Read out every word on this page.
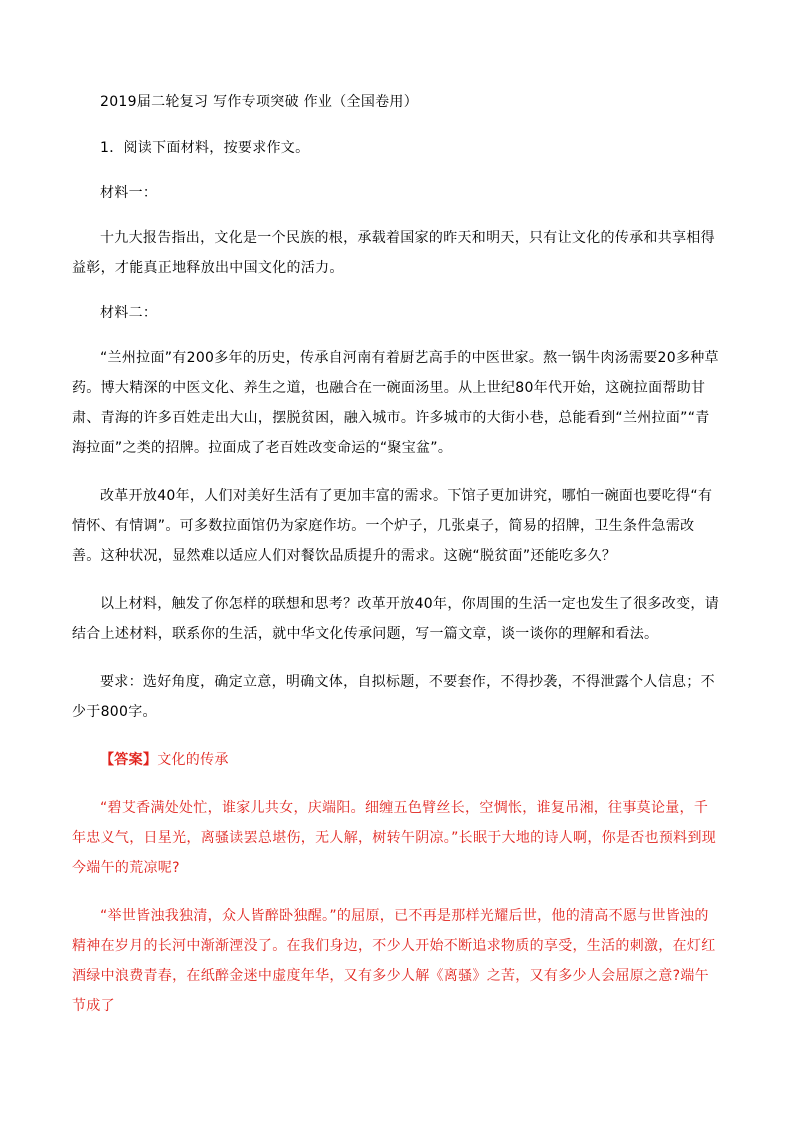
2019届二轮复习 写作专项突破 作业（全国卷用）

1．阅读下面材料，按要求作文。

材料一：

十九大报告指出，文化是一个民族的根，承载着国家的昨天和明天，只有让文化的传承和共享相得益彰，才能真正地释放出中国文化的活力。

材料二：

“兰州拉面”有200多年的历史，传承自河南有着厨艺高手的中医世家。熬一锅牛肉汤需要20多种草药。博大精深的中医文化、养生之道，也融合在一碗面汤里。从上世纪80年代开始，这碗拉面帮助甘肃、青海的许多百姓走出大山，摆脱贫困，融入城市。许多城市的大街小巷，总能看到“兰州拉面”“青海拉面”之类的招牌。拉面成了老百姓改变命运的“聚宝盆”。

改革开放40年，人们对美好生活有了更加丰富的需求。下馆子更加讲究，哪怕一碗面也要吃得“有情怀、有情调”。可多数拉面馆仍为家庭作坊。一个炉子，几张桌子，简易的招牌，卫生条件急需改善。这种状况，显然难以适应人们对餐饮品质提升的需求。这碗“脱贫面”还能吃多久？

以上材料，触发了你怎样的联想和思考？改革开放40年，你周围的生活一定也发生了很多改变，请结合上述材料，联系你的生活，就中华文化传承问题，写一篇文章，谈一谈你的理解和看法。

要求：选好角度，确定立意，明确文体，自拟标题，不要套作，不得抄袭，不得泄露个人信息；不少于800字。

【答案】文化的传承

“碧艾香满处处忙，谁家儿共女，庆端阳。细缠五色臂丝长，空惆怅，谁复吊湘，往事莫论量，千年忠义气，日星光，离骚读罢总堪伤，无人解，树转午阴凉。”长眠于大地的诗人啊，你是否也预料到现今端午的荒凉呢?

“举世皆浊我独清，众人皆醉卧独醒。”的屈原，已不再是那样光耀后世，他的清高不愿与世皆浊的精神在岁月的长河中渐渐湮没了。在我们身边，不少人开始不断追求物质的享受，生活的刺激，在灯红酒绿中浪费青春，在纸醉金迷中虚度年华，又有多少人解《离骚》之苦，又有多少人会屈原之意?端午节成了
